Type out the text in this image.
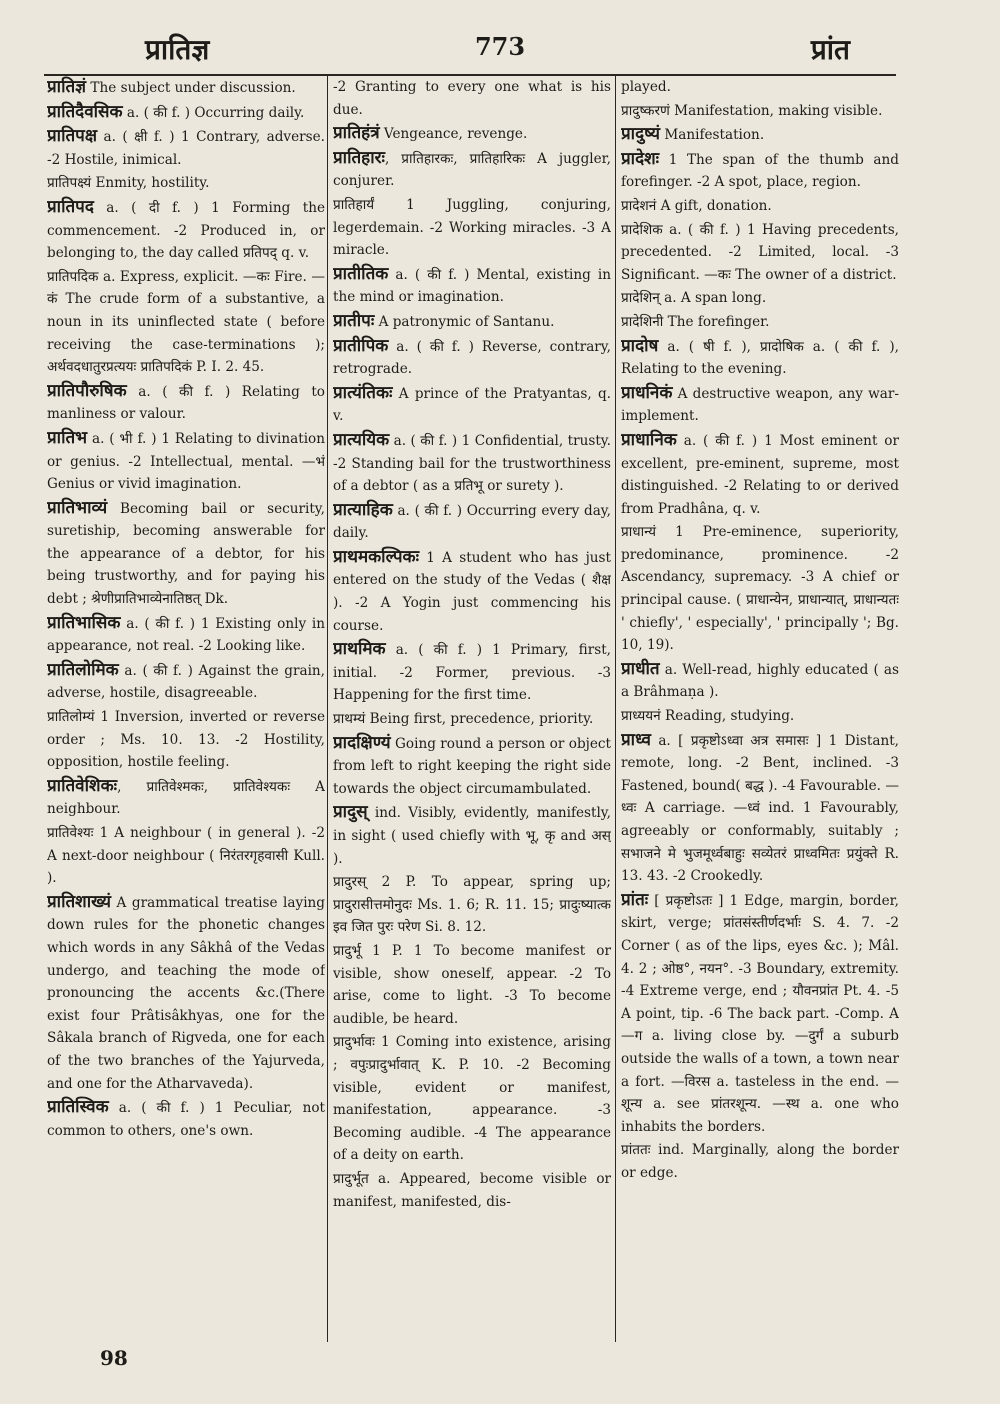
प्रातिज्ञ	773	प्रांत

प्रातिज्ञं The subject under discussion.

प्रातिदैवसिक a. ( की f. ) Occurring daily.

प्रातिपक्ष a. ( क्षी f. ) 1 Contrary, adverse. -2 Hostile, inimical.

प्रातिपक्ष्यं Enmity, hostility.

प्रातिपद a. ( दी f. ) 1 Forming the commencement. -2 Produced in, or belonging to, the day called प्रतिपद् q. v.

प्रातिपदिक a. Express, explicit. —कः Fire. —कं The crude form of a substantive, a noun in its uninflected state ( before receiving the case-terminations ); अर्थवदधातुरप्रत्ययः प्रातिपदिकं P. I. 2. 45.

प्रातिपौरुषिक a. ( की f. ) Relating to manliness or valour.

प्रातिभ a. ( भी f. ) 1 Relating to divination or genius. -2 Intellectual, mental. —भं Genius or vivid imagination.

प्रातिभाव्यं Becoming bail or security, suretiship, becoming answerable for the appearance of a debtor, for his being trustworthy, and for paying his debt ; श्रेणीप्रातिभाव्येनातिष्ठत् Dk.

प्रातिभासिक a. ( की f. ) 1 Existing only in appearance, not real. -2 Looking like.

प्रातिलोमिक a. ( की f. ) Against the grain, adverse, hostile, disagreeable.

प्रातिलोम्यं 1 Inversion, inverted or reverse order ; Ms. 10. 13. -2 Hostility, opposition, hostile feeling.

प्रातिवेशिकः, प्रातिवेश्मकः, प्रातिवेश्यकः A neighbour.

प्रातिवेश्यः 1 A neighbour ( in general ). -2 A next-door neighbour ( निरंतरगृहवासी Kull. ).

प्रातिशाख्यं A grammatical treatise laying down rules for the phonetic changes which words in any Sâkhâ of the Vedas undergo, and teaching the mode of pronouncing the accents &c.(There exist four Prâtisâkhyas, one for the Sâkala branch of Rigveda, one for each of the two branches of the Yajurveda, and one for the Atharvaveda).

प्रातिस्विक a. ( की f. ) 1 Peculiar, not common to others, one's own.

-2 Granting to every one what is his due.

प्रातिहंत्रं Vengeance, revenge.

प्रातिहारः, प्रातिहारकः, प्रातिहारिकः A juggler, conjurer.

प्रातिहार्यं 1 Juggling, conjuring, legerdemain. -2 Working miracles. -3 A miracle.

प्रातीतिक a. ( की f. ) Mental, existing in the mind or imagination.

प्रातीपः A patronymic of Santanu.

प्रातीपिक a. ( की f. ) Reverse, contrary, retrograde.

प्रात्यंतिकः A prince of the Pratyantas, q. v.

प्रात्ययिक a. ( की f. ) 1 Confidential, trusty. -2 Standing bail for the trustworthiness of a debtor ( as a प्रतिभू or surety ).

प्रात्याहिक a. ( की f. ) Occurring every day, daily.

प्राथमकल्पिकः 1 A student who has just entered on the study of the Vedas ( शैक्ष ). -2 A Yogin just commencing his course.

प्राथमिक a. ( की f. ) 1 Primary, first, initial. -2 Former, previous. -3 Happening for the first time.

प्राथम्यं Being first, precedence, priority.

प्रादक्षिण्यं Going round a person or object from left to right keeping the right side towards the object circumambulated.

प्रादुस् ind. Visibly, evidently, manifestly, in sight ( used chiefly with भू, कृ and अस् ).

प्रादुरस् 2 P. To appear, spring up; प्रादुरासीत्तमोनुदः Ms. 1. 6; R. 11. 15; प्रादुःष्यात्क इव जित पुरः परेण Si. 8. 12.

प्रादुर्भू 1 P. 1 To become manifest or visible, show oneself, appear. -2 To arise, come to light. -3 To become audible, be heard.

प्रादुर्भावः 1 Coming into existence, arising ; वपुःप्रादुर्भावात् K. P. 10. -2 Becoming visible, evident or manifest, manifestation, appearance. -3 Becoming audible. -4 The appearance of a deity on earth.

प्रादुर्भूत a. Appeared, become visible or manifest, manifested, dis-

played.

प्रादुष्करणं Manifestation, making visible.

प्रादुष्यं Manifestation.

प्रादेशः 1 The span of the thumb and forefinger. -2 A spot, place, region.

प्रादेशनं A gift, donation.

प्रादेशिक a. ( की f. ) 1 Having precedents, precedented. -2 Limited, local. -3 Significant. —कः The owner of a district.

प्रादेशिन् a. A span long.

प्रादेशिनी The forefinger.

प्रादोष a. ( षी f. ), प्रादोषिक a. ( की f. ), Relating to the evening.

प्राधनिकं A destructive weapon, any war-implement.

प्राधानिक a. ( की f. ) 1 Most eminent or excellent, pre-eminent, supreme, most distinguished. -2 Relating to or derived from Pradhâna, q. v.

प्राधान्यं 1 Pre-eminence, superiority, predominance, prominence. -2 Ascendancy, supremacy. -3 A chief or principal cause. ( प्राधान्येन, प्राधान्यात्, प्राधान्यतः ' chiefly', ' especially', ' principally '; Bg. 10, 19).

प्राधीत a. Well-read, highly educated ( as a Brâhmaṇa ).

प्राध्ययनं Reading, studying.

प्राध्व a. [ प्रकृष्टोऽध्वा अत्र समासः ] 1 Distant, remote, long. -2 Bent, inclined. -3 Fastened, bound( बद्ध ). -4 Favourable. —ध्वः A carriage. —ध्वं ind. 1 Favourably, agreeably or conformably, suitably ; सभाजने मे भुजमूर्ध्वबाहुः सव्येतरं प्राध्वमितः प्रयुंक्ते R. 13. 43. -2 Crookedly.

प्रांतः [ प्रकृष्टोऽतः ] 1 Edge, margin, border, skirt, verge; प्रांतसंस्तीर्णदर्भाः S. 4. 7. -2 Corner ( as of the lips, eyes &c. ); Mâl. 4. 2 ; ओष्ठ°, नयन°. -3 Boundary, extremity. -4 Extreme verge, end ; यौवनप्रांत Pt. 4. -5 A point, tip. -6 The back part. -Comp. A —ग a. living close by. —दुर्गं a suburb outside the walls of a town, a town near a fort. —विरस a. tasteless in the end. —शून्य a. see प्रांतरशून्य. —स्थ a. one who inhabits the borders.

प्रांततः ind. Marginally, along the border or edge.

98
